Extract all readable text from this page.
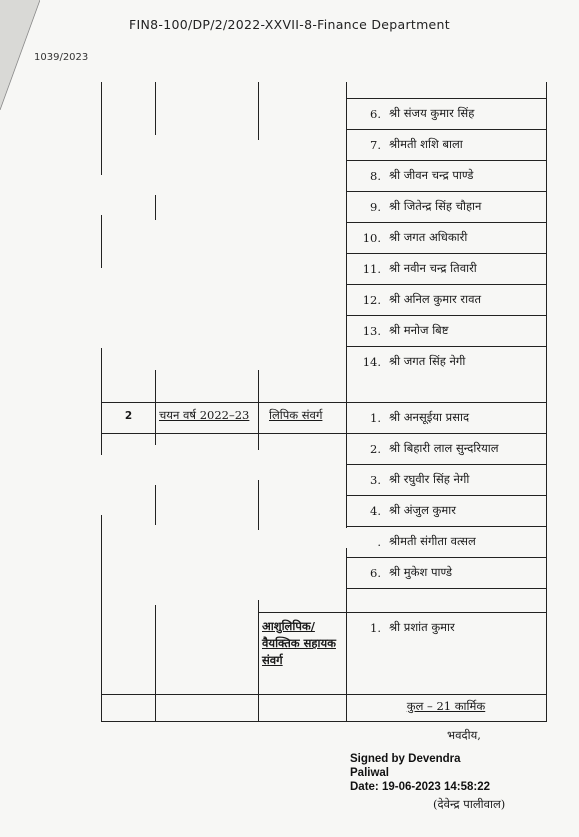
FIN8-100/DP/2/2022-XXVII-8-Finance Department
1039/2023
6. श्री संजय कुमार सिंह
7. श्रीमती शशि बाला
8. श्री जीवन चन्द्र पाण्डे
9. श्री जितेन्द्र सिंह चौहान
10. श्री जगत अधिकारी
11. श्री नवीन चन्द्र तिवारी
12. श्री अनिल कुमार रावत
13. श्री मनोज बिष्ट
14. श्री जगत सिंह नेगी
2	चयन वर्ष 2022–23 लिपिक संवर्ग	1. श्री अनसूईया प्रसाद
2. श्री बिहारी लाल सुन्दरियाल
3. श्री रघुवीर सिंह नेगी
4. श्री अंजुल कुमार
. श्रीमती संगीता वत्सल
6. श्री मुकेश पाण्डे
आशुलिपिक/ वैयक्तिक सहायक संवर्ग
1. श्री प्रशांत कुमार
कुल – 21 कार्मिक
भवदीय,
Signed by Devendra
Paliwal
Date: 19-06-2023 14:58:22
(देवेन्द्र पालीवाल)
